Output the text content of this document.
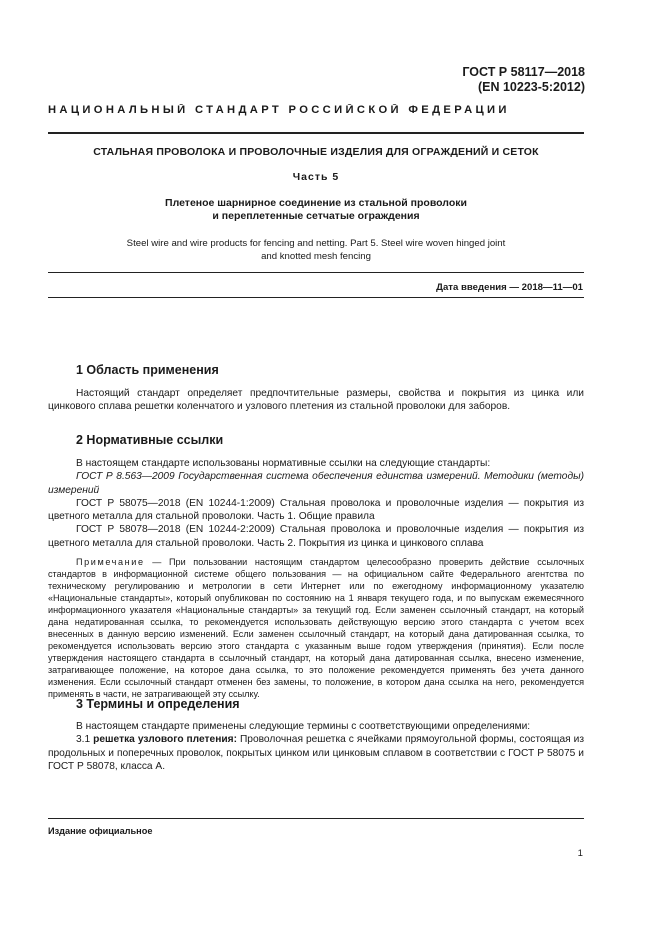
ГОСТ Р 58117—2018
(EN 10223-5:2012)
НАЦИОНАЛЬНЫЙ СТАНДАРТ РОССИЙСКОЙ ФЕДЕРАЦИИ
СТАЛЬНАЯ ПРОВОЛОКА И ПРОВОЛОЧНЫЕ ИЗДЕЛИЯ ДЛЯ ОГРАЖДЕНИЙ И СЕТОК
Часть 5
Плетеное шарнирное соединение из стальной проволоки
и переплетенные сетчатые ограждения
Steel wire and wire products for fencing and netting. Part 5. Steel wire woven hinged joint
and knotted mesh fencing
Дата введения — 2018—11—01
1 Область применения

Настоящий стандарт определяет предпочтительные размеры, свойства и покрытия из цинка или цинкового сплава решетки коленчатого и узлового плетения из стальной проволоки для заборов.

2 Нормативные ссылки

В настоящем стандарте использованы нормативные ссылки на следующие стандарты:

ГОСТ Р 8.563—2009 Государственная система обеспечения единства измерений. Методики (методы) измерений

ГОСТ Р 58075—2018 (EN 10244-1:2009) Стальная проволока и проволочные изделия — покрытия из цветного металла для стальной проволоки. Часть 1. Общие правила

ГОСТ Р 58078—2018 (EN 10244-2:2009) Стальная проволока и проволочные изделия — покрытия из цветного металла для стальной проволоки. Часть 2. Покрытия из цинка и цинкового сплава

Примечание — При пользовании настоящим стандартом целесообразно проверить действие ссылочных стандартов в информационной системе общего пользования — на официальном сайте Федерального агентства по техническому регулированию и метрологии в сети Интернет или по ежегодному информационному указателю «Национальные стандарты», который опубликован по состоянию на 1 января текущего года, и по выпускам ежемесячного информационного указателя «Национальные стандарты» за текущий год. Если заменен ссылочный стандарт, на который дана недатированная ссылка, то рекомендуется использовать действующую версию этого стандарта с учетом всех внесенных в данную версию изменений. Если заменен ссылочный стандарт, на который дана датированная ссылка, то рекомендуется использовать версию этого стандарта с указанным выше годом утверждения (принятия). Если после утверждения настоящего стандарта в ссылочный стандарт, на который дана датированная ссылка, внесено изменение, затрагивающее положение, на которое дана ссылка, то это положение рекомендуется применять без учета данного изменения. Если ссылочный стандарт отменен без замены, то положение, в котором дана ссылка на него, рекомендуется применять в части, не затрагивающей эту ссылку.

3 Термины и определения

В настоящем стандарте применены следующие термины с соответствующими определениями:

3.1 решетка узлового плетения: Проволочная решетка с ячейками прямоугольной формы, состоящая из продольных и поперечных проволок, покрытых цинком или цинковым сплавом в соответствии с ГОСТ Р 58075 и ГОСТ Р 58078, класса А.

Издание официальное
1
